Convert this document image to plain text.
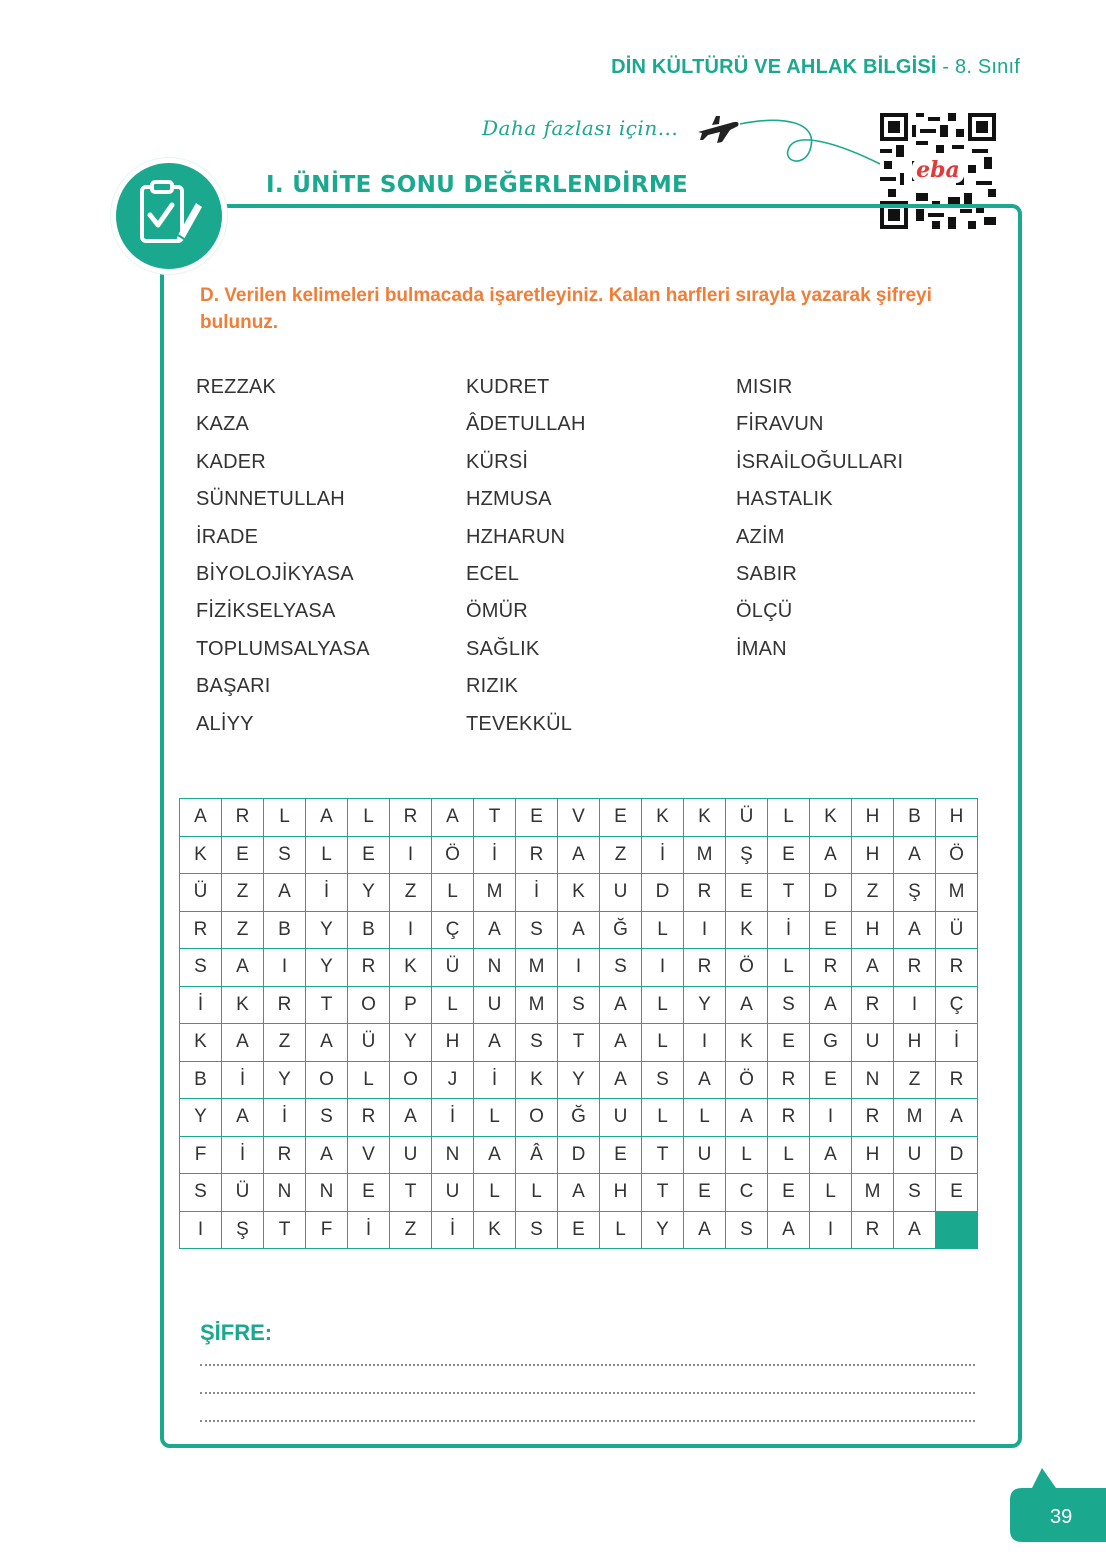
DİN KÜLTÜRÜ VE AHLAK BİLGİSİ - 8. Sınıf
Daha fazlası için...
eba
I. ÜNİTE SONU DEĞERLENDİRME
D. Verilen kelimeleri bulmacada işaretleyiniz. Kalan harfleri sırayla yazarak şifreyi bulunuz.
REZZAK
KAZA
KADER
SÜNNETULLAH
İRADE
BİYOLOJİKYASA
FİZİKSELYASA
TOPLUMSALYASA
BAŞARI
ALİYY
KUDRET
ÂDETULLAH
KÜRSİ
HZMUSA
HZHARUN
ECEL
ÖMÜR
SAĞLIK
RIZIK
TEVEKKÜL
MISIR
FİRAVUN
İSRAİLOĞULLARI
HASTALIK
AZİM
SABIR
ÖLÇÜ
İMAN
A	R	L	A	L	R	A	T	E	V	E	K	K	Ü	L	K	H	B	H
K	E	S	L	E	I	Ö	İ	R	A	Z	İ	M	Ş	E	A	H	A	Ö
Ü	Z	A	İ	Y	Z	L	M	İ	K	U	D	R	E	T	D	Z	Ş	M
R	Z	B	Y	B	I	Ç	A	S	A	Ğ	L	I	K	İ	E	H	A	Ü
S	A	I	Y	R	K	Ü	N	M	I	S	I	R	Ö	L	R	A	R	R
İ	K	R	T	O	P	L	U	M	S	A	L	Y	A	S	A	R	I	Ç
K	A	Z	A	Ü	Y	H	A	S	T	A	L	I	K	E	G	U	H	İ
B	İ	Y	O	L	O	J	İ	K	Y	A	S	A	Ö	R	E	N	Z	R
Y	A	İ	S	R	A	İ	L	O	Ğ	U	L	L	A	R	I	R	M	A
F	İ	R	A	V	U	N	A	Â	D	E	T	U	L	L	A	H	U	D
S	Ü	N	N	E	T	U	L	L	A	H	T	E	C	E	L	M	S	E
I	Ş	T	F	İ	Z	İ	K	S	E	L	Y	A	S	A	I	R	A	
ŞİFRE:
39
